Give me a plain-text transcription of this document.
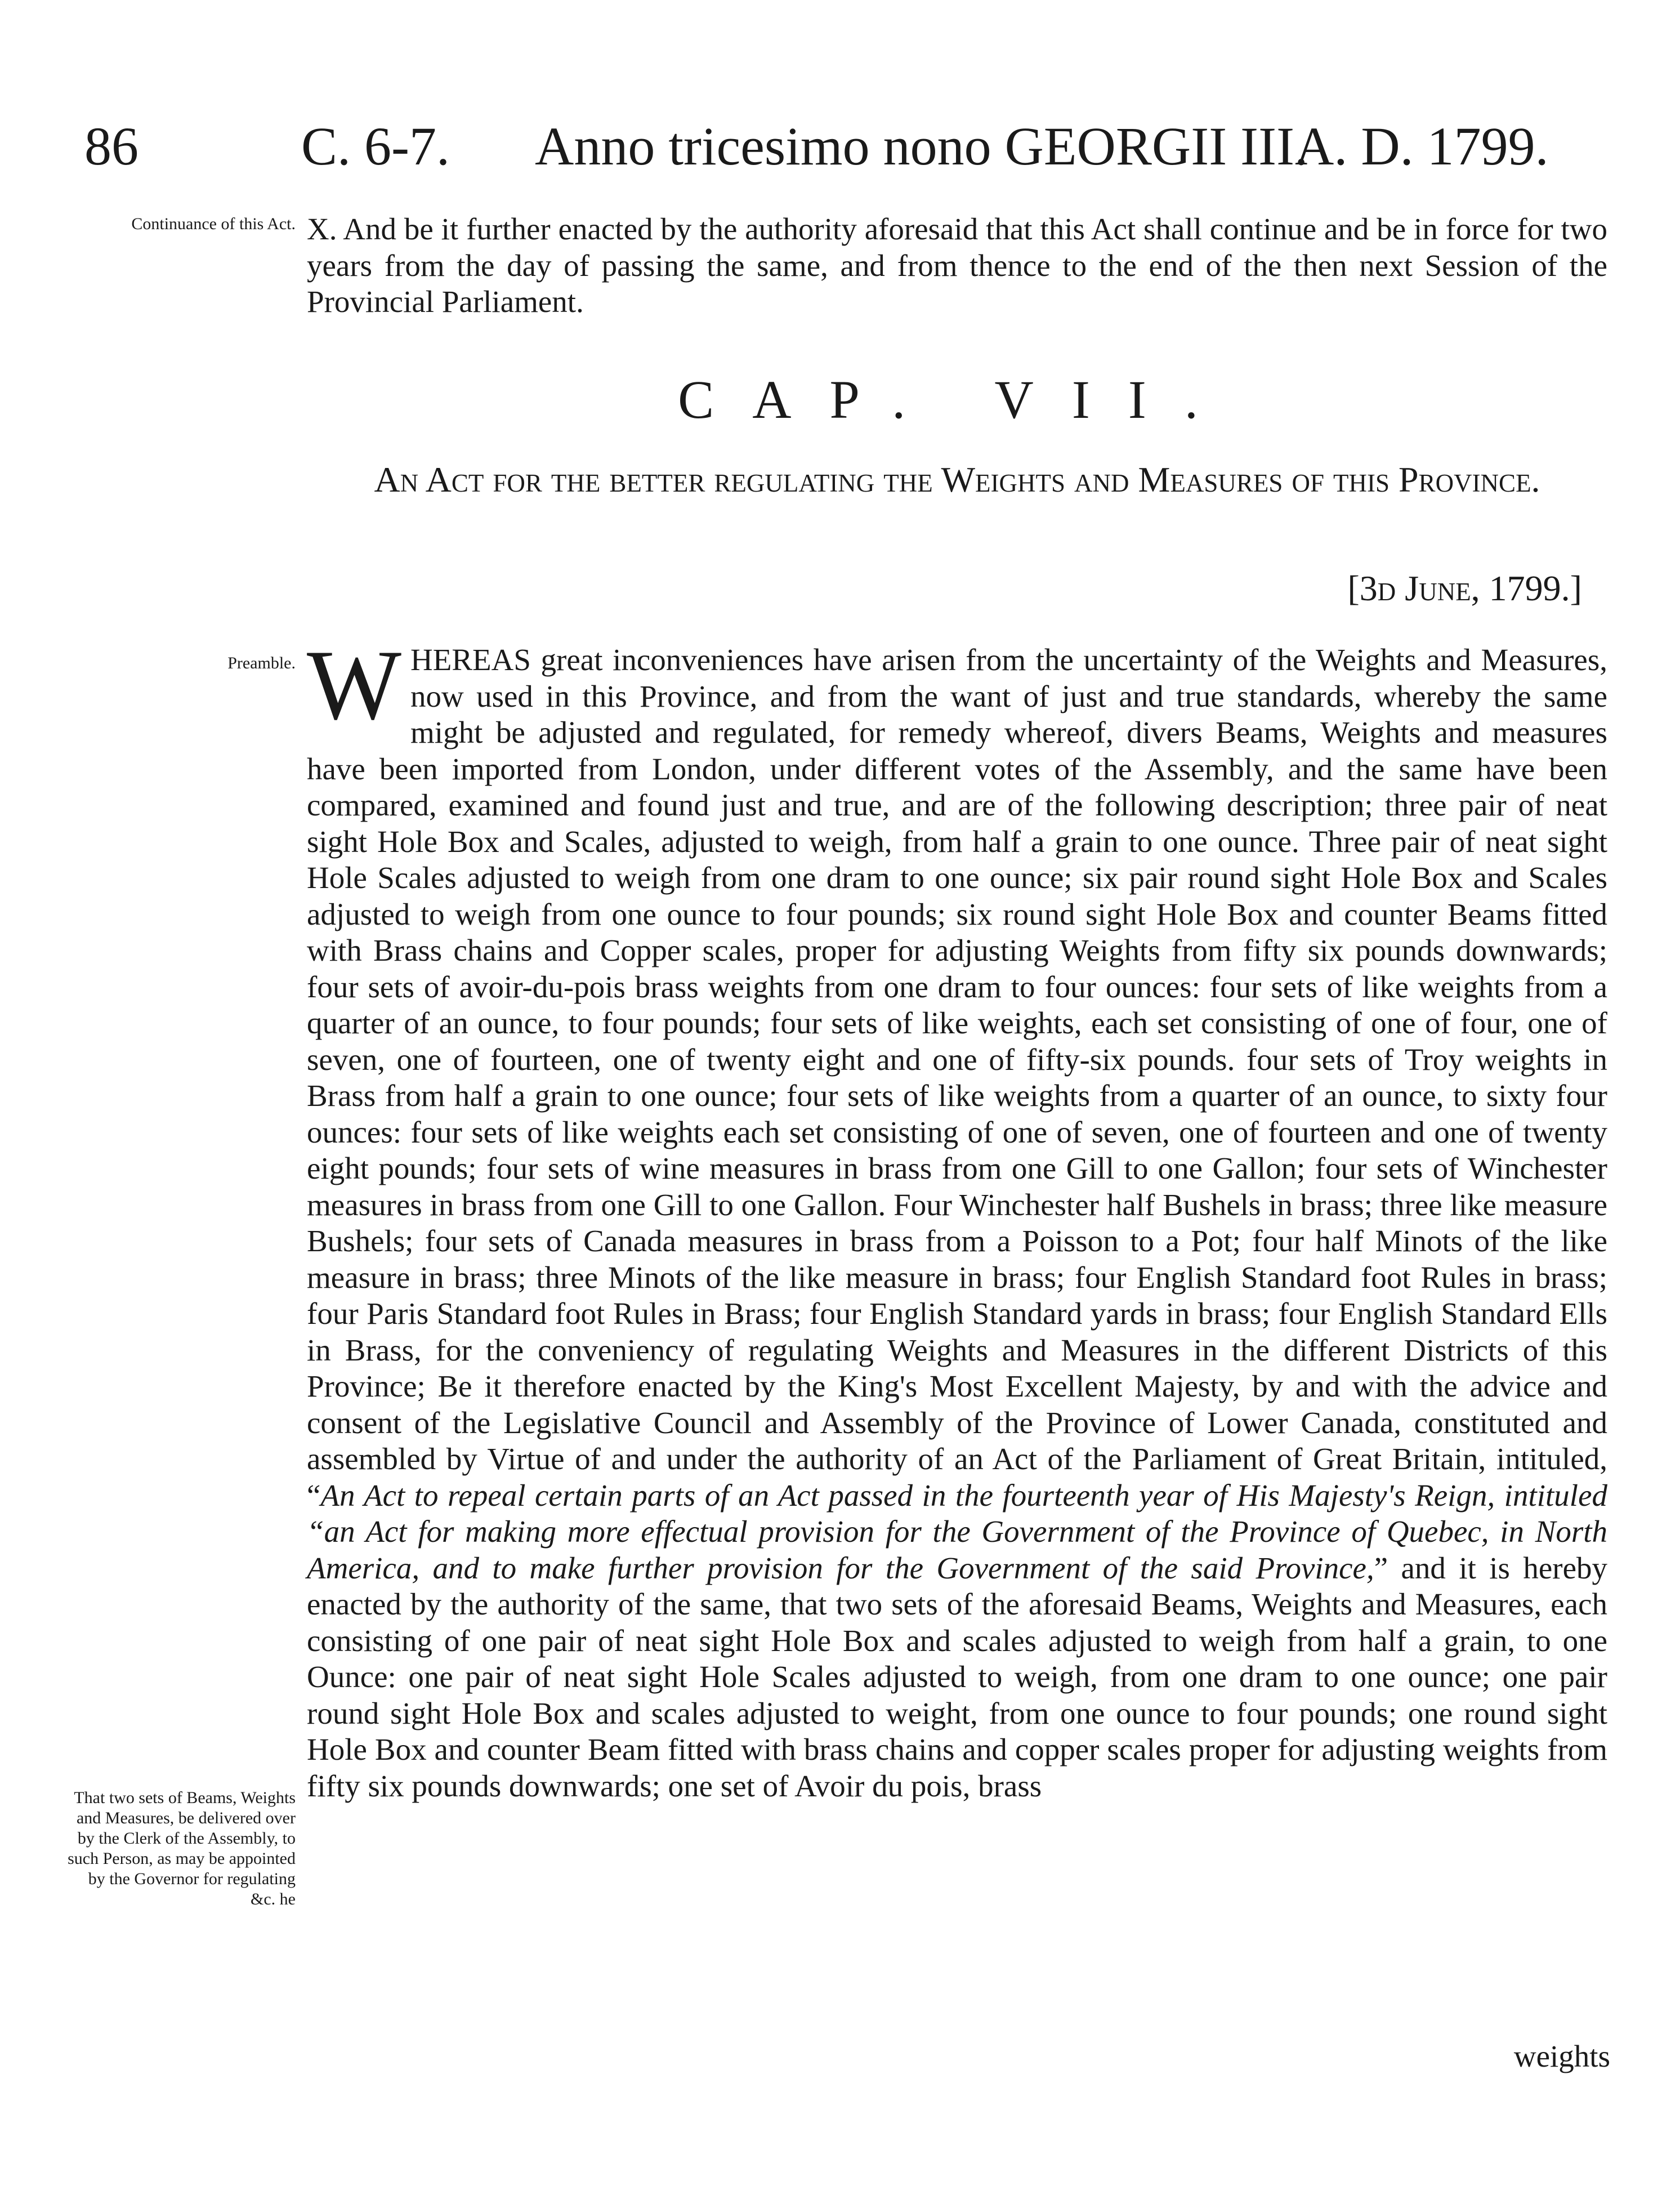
86	C. 6-7. Anno tricesimo nono GEORGII III.
A. D. 1799.
Continuance of this Act. X. And be it further enacted by the authority aforesaid that this Act shall continue and be in force for two years from the day of passing the same, and from thence to the end of the then next Session of the Provincial Parliament.

CAP. VII.
An Act for the better regulating the Weights and Measures of this Province.
[3d June, 1799.]
Preamble. WHEREAS great inconveniences have arisen from the uncertainty of the Weights and Measures, now used in this Province, and from the want of just and true standards, whereby the same might be adjusted and regulated, for remedy whereof, divers Beams, Weights and measures have been imported from London, under different votes of the Assembly, and the same have been compared, examined and found just and true, and are of the following description; three pair of neat sight Hole Box and Scales, adjusted to weigh, from half a grain to one ounce. Three pair of neat sight Hole Scales adjusted to weigh from one dram to one ounce; six pair round sight Hole Box and Scales adjusted to weigh from one ounce to four pounds; six round sight Hole Box and counter Beams fitted with Brass chains and Copper scales, proper for adjusting Weights from fifty six pounds downwards; four sets of avoir-du-pois brass weights from one dram to four ounces: four sets of like weights from a quarter of an ounce, to four pounds; four sets of like weights, each set consisting of one of four, one of seven, one of fourteen, one of twenty eight and one of fifty-six pounds. four sets of Troy weights in Brass from half a grain to one ounce; four sets of like weights from a quarter of an ounce, to sixty four ounces: four sets of like weights each set consisting of one of seven, one of fourteen and one of twenty eight pounds; four sets of wine measures in brass from one Gill to one Gallon; four sets of Winchester measures in brass from one Gill to one Gallon. Four Winchester half Bushels in brass; three like measure Bushels; four sets of Canada measures in brass from a Poisson to a Pot; four half Minots of the like measure in brass; three Minots of the like measure in brass; four English Standard foot Rules in brass; four Paris Standard foot Rules in Brass; four English Standard yards in brass; four English Standard Ells in Brass, for the conveniency of regulating Weights and Measures in the different Districts of this Province; Be it therefore enacted by the King's Most Excellent Majesty, by and with the advice and consent of the Legislative Council and Assembly of the Province of Lower Canada, constituted and assembled by Virtue of and under the authority of an Act of the Parliament of Great Britain, intituled, “An Act to repeal certain parts of an Act passed in the fourteenth year of His Majesty's Reign, intituled “an Act for making more effectual provision for the Government of the Province of Quebec, in North America, and to make further provision for the Government of the said Province,” and it is hereby enacted by the authority of the same, that two sets of the aforesaid Beams, Weights and Measures, each consisting of one pair of neat sight Hole Box and scales adjusted to weigh from half a grain, to one Ounce: one pair of neat sight Hole Scales adjusted to weigh, from one dram to one ounce; one pair round sight Hole Box and scales adjusted to weight, from one ounce to four pounds; one round sight Hole Box and counter Beam fitted with brass chains and copper scales proper for adjusting weights from fifty six pounds downwards; one set of Avoir du pois, brass
That two sets of Beams, Weights and Measures, be delivered over by the Clerk of the Assembly, to such Person, as may be appointed by the Governor for regulating &c. he
weights
